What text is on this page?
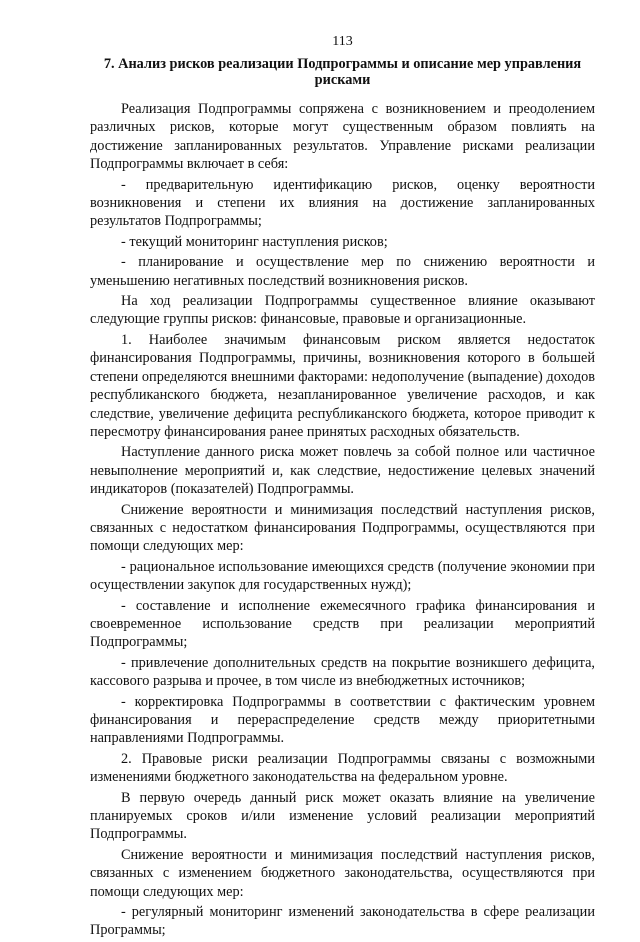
113
7. Анализ рисков реализации Подпрограммы и описание мер управления рисками

Реализация Подпрограммы сопряжена с возникновением и преодолением различных рисков, которые могут существенным образом повлиять на достижение запланированных результатов. Управление рисками реализации Подпрограммы включает в себя:

- предварительную идентификацию рисков, оценку вероятности возникновения и степени их влияния на достижение запланированных результатов Подпрограммы;

- текущий мониторинг наступления рисков;

- планирование и осуществление мер по снижению вероятности и уменьшению негативных последствий возникновения рисков.

На ход реализации Подпрограммы существенное влияние оказывают следующие группы рисков: финансовые, правовые и организационные.

1. Наиболее значимым финансовым риском является недостаток финансирования Подпрограммы, причины, возникновения которого в большей степени определяются внешними факторами: недополучение (выпадение) доходов республиканского бюджета, незапланированное увеличение расходов, и как следствие, увеличение дефицита республиканского бюджета, которое приводит к пересмотру финансирования ранее принятых расходных обязательств.

Наступление данного риска может повлечь за собой полное или частичное невыполнение мероприятий и, как следствие, недостижение целевых значений индикаторов (показателей) Подпрограммы.

Снижение вероятности и минимизация последствий наступления рисков, связанных с недостатком финансирования Подпрограммы, осуществляются при помощи следующих мер:

- рациональное использование имеющихся средств (получение экономии при осуществлении закупок для государственных нужд);

- составление и исполнение ежемесячного графика финансирования и своевременное использование средств при реализации мероприятий Подпрограммы;

- привлечение дополнительных средств на покрытие возникшего дефицита, кассового разрыва и прочее, в том числе из внебюджетных источников;

- корректировка Подпрограммы в соответствии с фактическим уровнем финансирования и перераспределение средств между приоритетными направлениями Подпрограммы.

2. Правовые риски реализации Подпрограммы связаны с возможными изменениями бюджетного законодательства на федеральном уровне.

В первую очередь данный риск может оказать влияние на увеличение планируемых сроков и/или изменение условий реализации мероприятий Подпрограммы.

Снижение вероятности и минимизация последствий наступления рисков, связанных с изменением бюджетного законодательства, осуществляются при помощи следующих мер:

- регулярный мониторинг изменений законодательства в сфере реализации Программы;
